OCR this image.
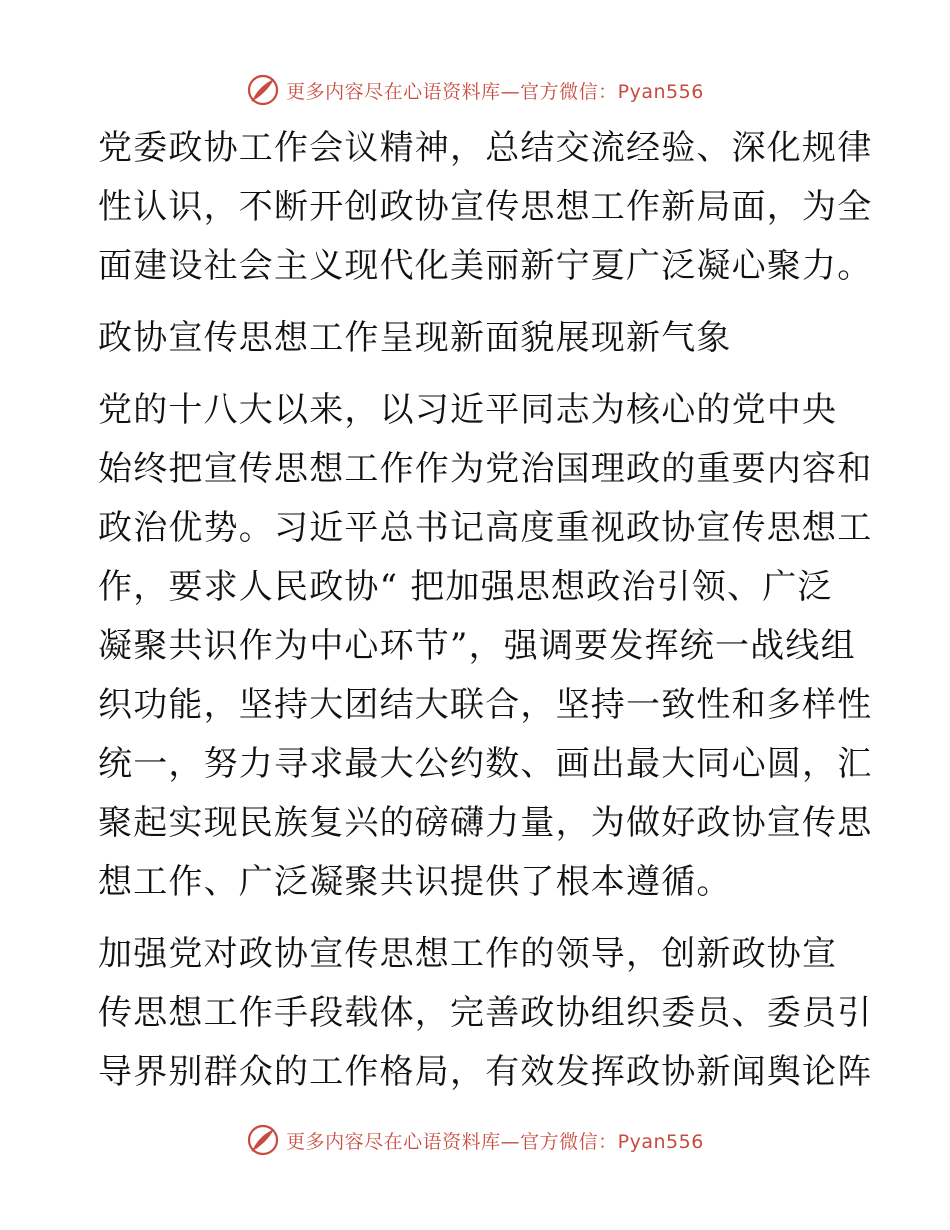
更多内容尽在心语资料库—官方微信：Pyan556
党委政协工作会议精神，总结交流经验、深化规律
性认识，不断开创政协宣传思想工作新局面，为全
面建设社会主义现代化美丽新宁夏广泛凝心聚力。
政协宣传思想工作呈现新面貌展现新气象
党的十八大以来，以习近平同志为核心的党中央
始终把宣传思想工作作为党治国理政的重要内容和
政治优势。习近平总书记高度重视政协宣传思想工
作，要求人民政协“ 把加强思想政治引领、广泛
凝聚共识作为中心环节”，强调要发挥统一战线组
织功能，坚持大团结大联合，坚持一致性和多样性
统一，努力寻求最大公约数、画出最大同心圆，汇
聚起实现民族复兴的磅礴力量，为做好政协宣传思
想工作、广泛凝聚共识提供了根本遵循。
加强党对政协宣传思想工作的领导，创新政协宣
传思想工作手段载体，完善政协组织委员、委员引
导界别群众的工作格局，有效发挥政协新闻舆论阵
更多内容尽在心语资料库—官方微信：Pyan556
